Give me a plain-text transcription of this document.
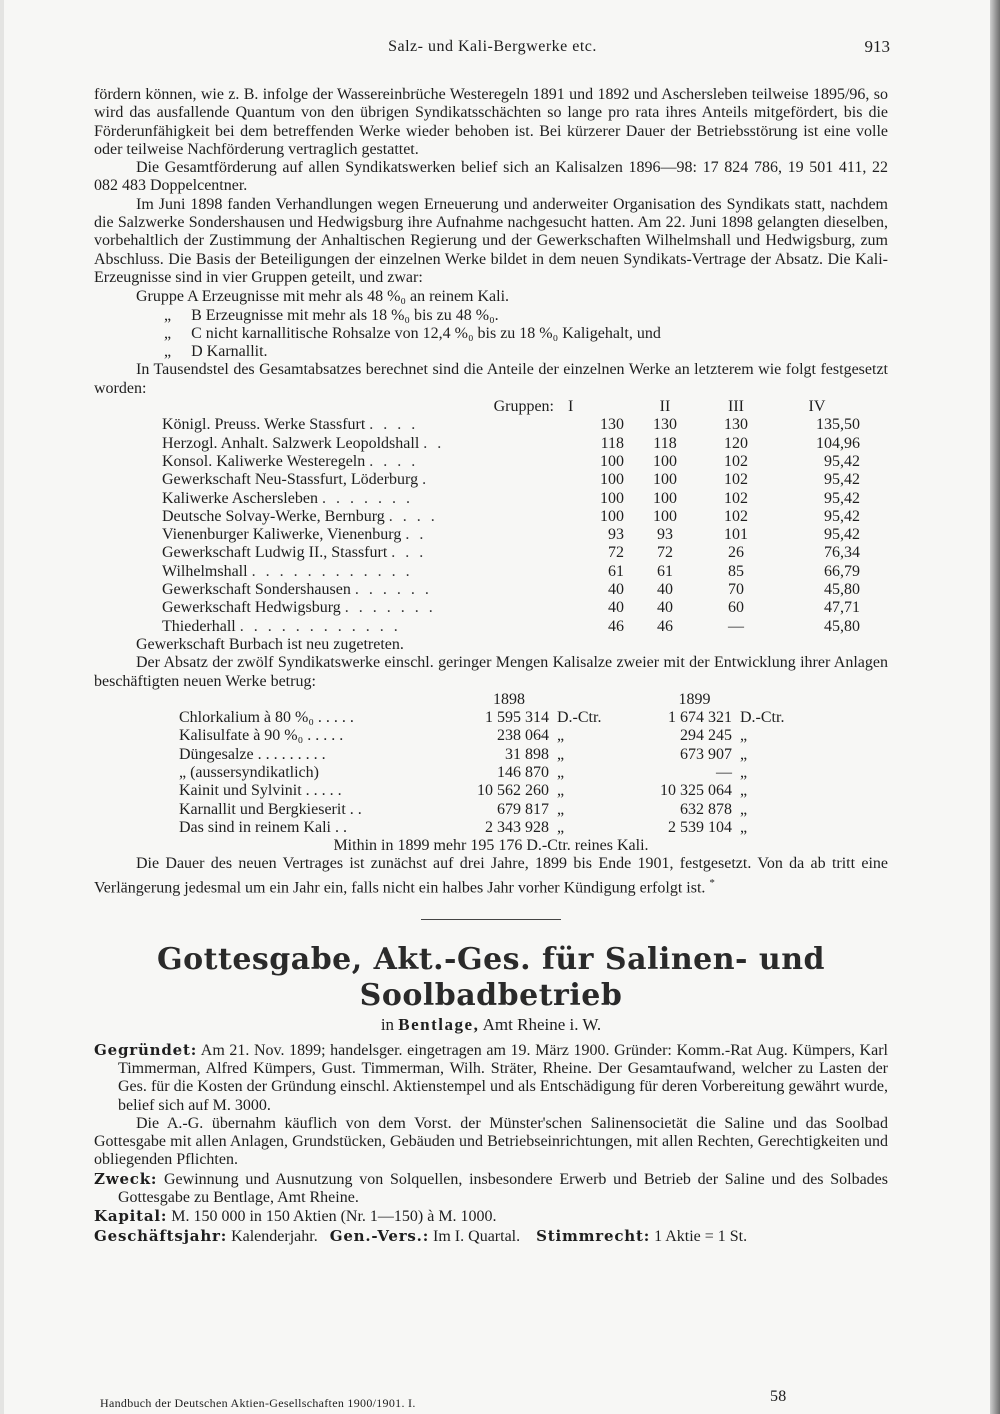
Salz- und Kali-Bergwerke etc.	913

fördern können, wie z. B. infolge der Wassereinbrüche Westeregeln 1891 und 1892 und Aschersleben teilweise 1895/96, so wird das ausfallende Quantum von den übrigen Syndikatsschächten so lange pro rata ihres Anteils mitgefördert, bis die Förderunfähigkeit bei dem betreffenden Werke wieder behoben ist. Bei kürzerer Dauer der Betriebsstörung ist eine volle oder teilweise Nachförderung vertraglich gestattet.

Die Gesamtförderung auf allen Syndikatswerken belief sich an Kalisalzen 1896—98: 17 824 786, 19 501 411, 22 082 483 Doppelcentner.

Im Juni 1898 fanden Verhandlungen wegen Erneuerung und anderweiter Organisation des Syndikats statt, nachdem die Salzwerke Sondershausen und Hedwigsburg ihre Aufnahme nachgesucht hatten. Am 22. Juni 1898 gelangten dieselben, vorbehaltlich der Zustimmung der Anhaltischen Regierung und der Gewerkschaften Wilhelmshall und Hedwigsburg, zum Abschluss. Die Basis der Beteiligungen der einzelnen Werke bildet in dem neuen Syndikats-Vertrage der Absatz. Die Kali-Erzeugnisse sind in vier Gruppen geteilt, und zwar:

Gruppe A Erzeugnisse mit mehr als 48 %₀ an reinem Kali.
„ B Erzeugnisse mit mehr als 18 %₀ bis zu 48 %₀.
„ C nicht karnallitische Rohsalze von 12,4 %₀ bis zu 18 %₀ Kaligehalt, und
„ D Karnallit.

In Tausendstel des Gesamtabsatzes berechnet sind die Anteile der einzelnen Werke an letzterem wie folgt festgesetzt worden:

Gruppen:	I	II	III	IV
Königl. Preuss. Werke Stassfurt . . . .	130	130	130	135,50
Herzogl. Anhalt. Salzwerk Leopoldshall . .	118	118	120	104,96
Konsol. Kaliwerke Westeregeln . . . .	100	100	102	95,42
Gewerkschaft Neu-Stassfurt, Löderburg .	100	100	102	95,42
Kaliwerke Aschersleben . . . . . . .	100	100	102	95,42
Deutsche Solvay-Werke, Bernburg . . . .	100	100	102	95,42
Vienenburger Kaliwerke, Vienenburg . .	93	93	101	95,42
Gewerkschaft Ludwig II., Stassfurt . . .	72	72	26	76,34
Wilhelmshall . . . . . . . . . . . .	61	61	85	66,79
Gewerkschaft Sondershausen . . . . . .	40	40	70	45,80
Gewerkschaft Hedwigsburg . . . . . . .	40	40	60	47,71
Thiederhall . . . . . . . . . . . .	46	46	—	45,80

Gewerkschaft Burbach ist neu zugetreten.

Der Absatz der zwölf Syndikatswerke einschl. geringer Mengen Kalisalze zweier mit der Entwicklung ihrer Anlagen beschäftigten neuen Werke betrug:

	1898		1899	
Chlorkalium à 80 %₀ . . . . .	1 595 314	D.-Ctr.	1 674 321	D.-Ctr.
Kalisulfate à 90 %₀ . . . . .	238 064	„	294 245	„
Düngesalze . . . . . . . . .	31 898	„	673 907	„
„ (aussersyndikatlich)	146 870	„	—	„
Kainit und Sylvinit . . . . .	10 562 260	„	10 325 064	„
Karnallit und Bergkieserit . .	679 817	„	632 878	„
Das sind in reinem Kali . .	2 343 928	„	2 539 104	„

Mithin in 1899 mehr 195 176 D.-Ctr. reines Kali.

Die Dauer des neuen Vertrages ist zunächst auf drei Jahre, 1899 bis Ende 1901, festgesetzt. Von da ab tritt eine Verlängerung jedesmal um ein Jahr ein, falls nicht ein halbes Jahr vorher Kündigung erfolgt ist. *

Gottesgabe, Akt.-Ges. für Salinen- und Soolbadbetrieb
in Bentlage, Amt Rheine i. W.

Gegründet: Am 21. Nov. 1899; handelsger. eingetragen am 19. März 1900. Gründer: Komm.-Rat Aug. Kümpers, Karl Timmerman, Alfred Kümpers, Gust. Timmerman, Wilh. Sträter, Rheine. Der Gesamtaufwand, welcher zu Lasten der Ges. für die Kosten der Gründung einschl. Aktienstempel und als Entschädigung für deren Vorbereitung gewährt wurde, belief sich auf M. 3000.

Die A.-G. übernahm käuflich von dem Vorst. der Münster'schen Salinensocietät die Saline und das Soolbad Gottesgabe mit allen Anlagen, Grundstücken, Gebäuden und Betriebseinrichtungen, mit allen Rechten, Gerechtigkeiten und obliegenden Pflichten.

Zweck: Gewinnung und Ausnutzung von Solquellen, insbesondere Erwerb und Betrieb der Saline und des Solbades Gottesgabe zu Bentlage, Amt Rheine.

Kapital: M. 150 000 in 150 Aktien (Nr. 1—150) à M. 1000.

Geschäftsjahr: Kalenderjahr. Gen.-Vers.: Im I. Quartal. Stimmrecht: 1 Aktie = 1 St.

Handbuch der Deutschen Aktien-Gesellschaften 1900/1901. I.	58
